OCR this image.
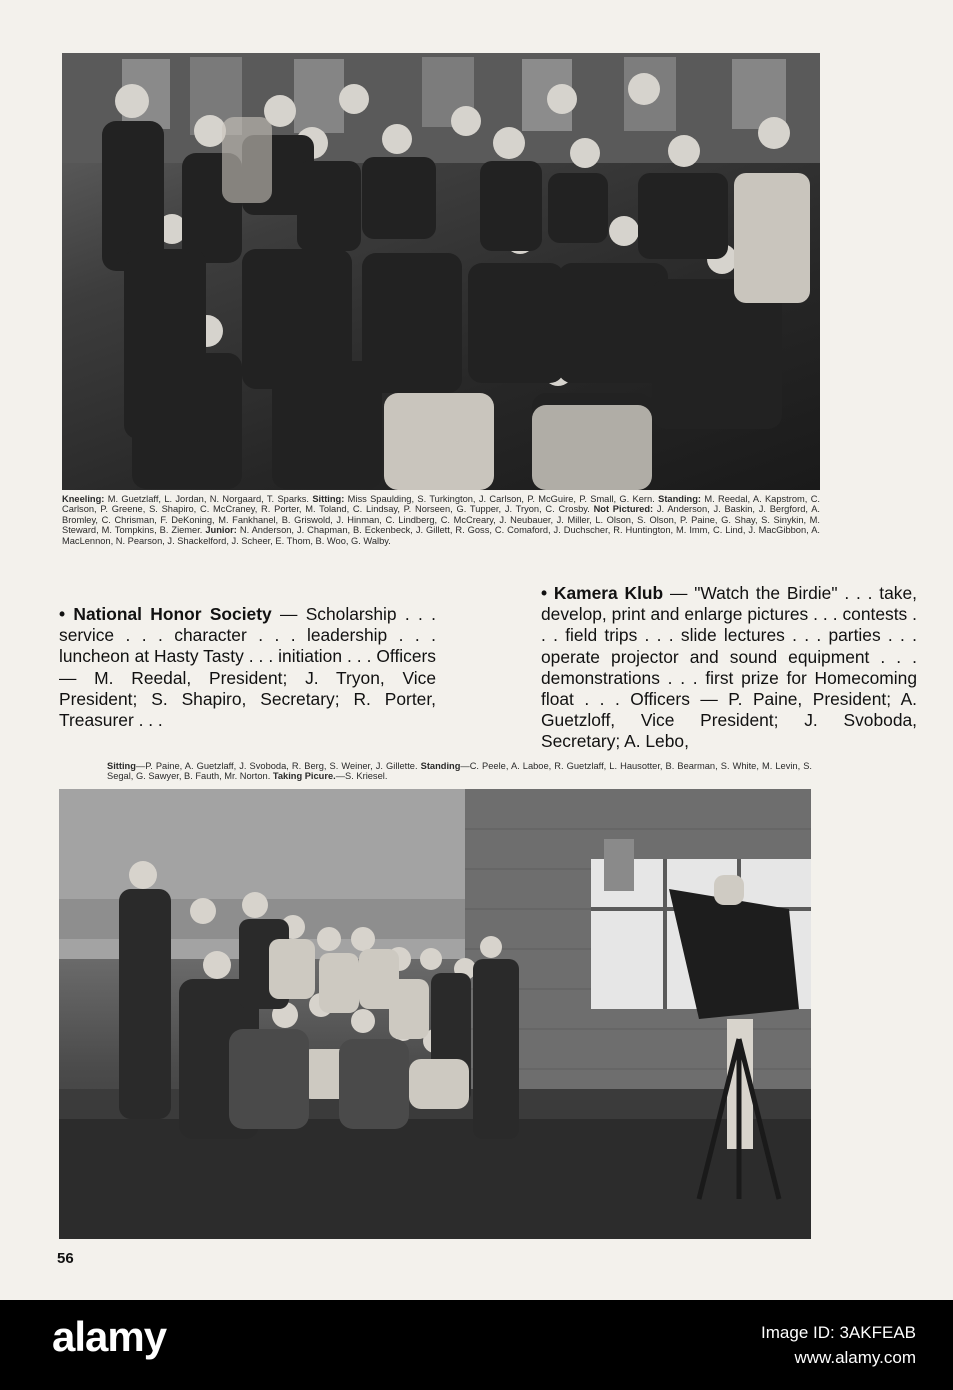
Kneeling: M. Guetzlaff, L. Jordan, N. Norgaard, T. Sparks. Sitting: Miss Spaulding, S. Turkington, J. Carlson, P. McGuire, P. Small, G. Kern. Standing: M. Reedal, A. Kapstrom, C. Carlson, P. Greene, S. Shapiro, C. McCraney, R. Porter, M. Toland, C. Lindsay, P. Norseen, G. Tupper, J. Tryon, C. Crosby. Not Pictured: J. Anderson, J. Baskin, J. Bergford, A. Bromley, C. Chrisman, F. DeKoning, M. Fankhanel, B. Griswold, J. Hinman, C. Lindberg, C. McCreary, J. Neubauer, J. Miller, L. Olson, S. Olson, P. Paine, G. Shay, S. Sinykin, M. Steward, M. Tompkins, B. Ziemer. Junior: N. Anderson, J. Chapman, B. Eckenbeck, J. Gillett, R. Goss, C. Comaford, J. Duchscher, R. Huntington, M. Imm, C. Lind, J. MacGibbon, A. MacLennon, N. Pearson, J. Shackelford, J. Scheer, E. Thom, B. Woo, G. Walby.
• National Honor Society — Scholarship . . . service . . . character . . . leadership . . . luncheon at Hasty Tasty . . . initiation . . . Officers — M. Reedal, President; J. Tryon, Vice President; S. Shapiro, Secretary; R. Porter, Treasurer . . .
• Kamera Klub — "Watch the Birdie" . . . take, develop, print and enlarge pictures . . . contests . . . field trips . . . slide lectures . . . parties . . . operate projector and sound equipment . . . demonstrations . . . first prize for Homecoming float . . . Officers — P. Paine, President; A. Guetzloff, Vice President; J. Svoboda, Secretary; A. Lebo,
Sitting—P. Paine, A. Guetzlaff, J. Svoboda, R. Berg, S. Weiner, J. Gillette. Standing—C. Peele, A. Laboe, R. Guetzlaff, L. Hausotter, B. Bearman, S. White, M. Levin, S. Segal, G. Sawyer, B. Fauth, Mr. Norton. Taking Picure.—S. Kriesel.
56
alamy	Image ID: 3AKFEAB
www.alamy.com
